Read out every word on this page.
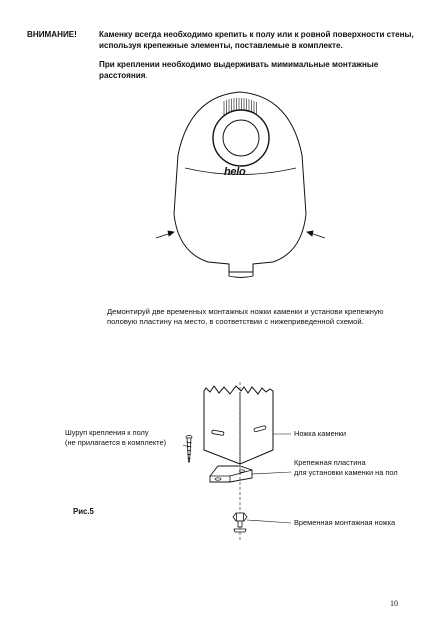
ВНИМАНИЕ!	Каменку всегда необходимо крепить к полу или к ровной поверхности стены, используя крепежные элементы, поставлемые в комплекте.
При креплении необходимо выдерживать мимимальные монтажные расстояния.
helo
Демонтируй две временных монтажных ножки каменки и установи крепежную половую пластину на место, в соответствии с нижеприведенной схемой.
Шуруп крепления к полу
(не прилагается в комплекте)
Ножка каменки
Крепежная пластина
для установки каменки на пол
Временная монтажная ножка
Рис.5
10
